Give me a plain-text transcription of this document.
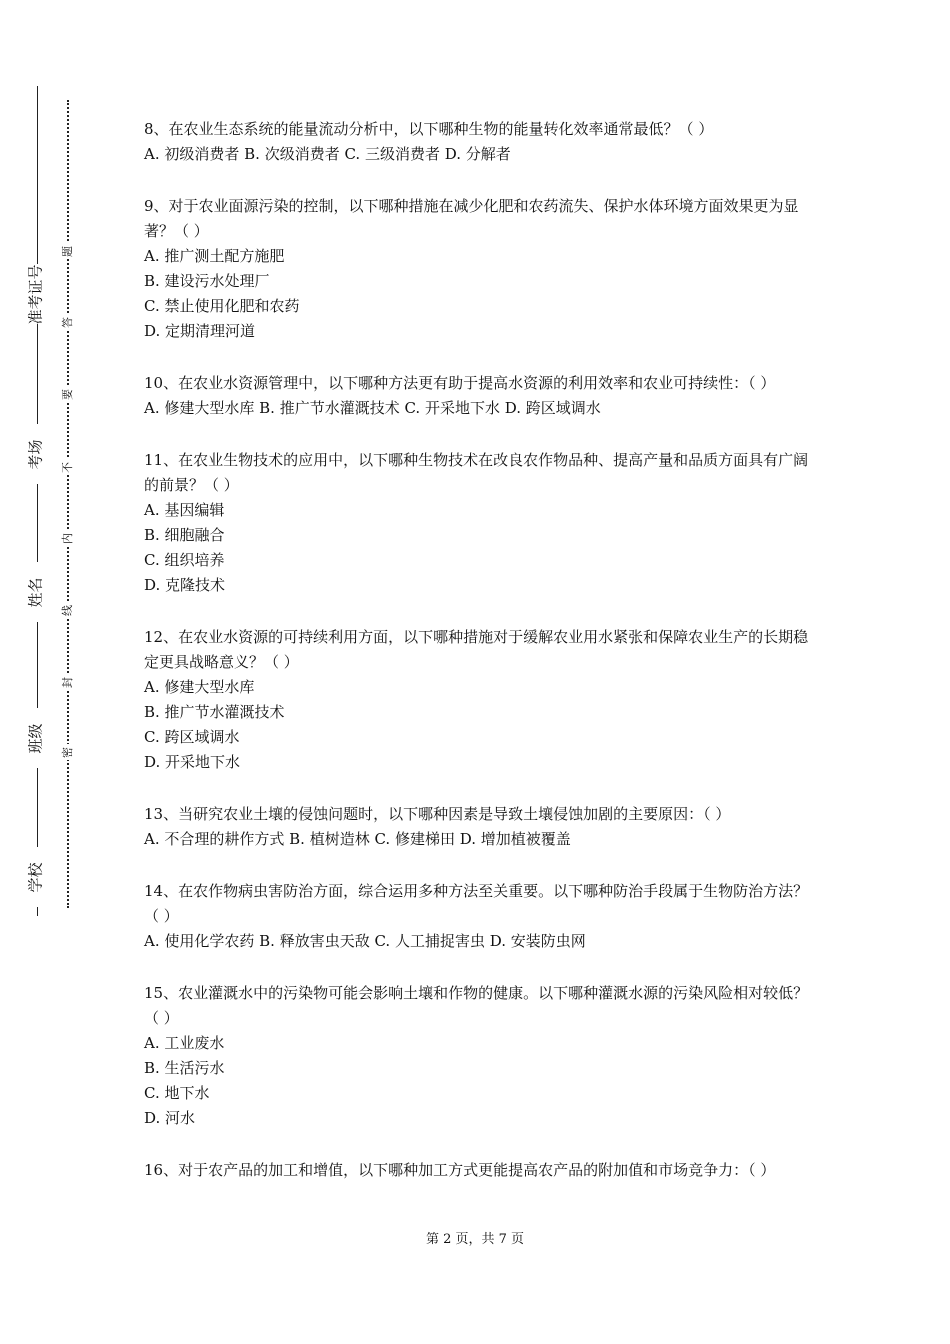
学校
班级
姓名
考场
准考证号
密
封
线
内
不
要
答
题

8、在农业生态系统的能量流动分析中，以下哪种生物的能量转化效率通常最低？（ ）

A. 初级消费者 B. 次级消费者 C. 三级消费者 D. 分解者

9、对于农业面源污染的控制，以下哪种措施在减少化肥和农药流失、保护水体环境方面效果更为显著？（ ）

A. 推广测土配方施肥

B. 建设污水处理厂

C. 禁止使用化肥和农药

D. 定期清理河道

10、在农业水资源管理中，以下哪种方法更有助于提高水资源的利用效率和农业可持续性：（ ）

A. 修建大型水库 B. 推广节水灌溉技术 C. 开采地下水 D. 跨区域调水

11、在农业生物技术的应用中，以下哪种生物技术在改良农作物品种、提高产量和品质方面具有广阔的前景？（ ）

A. 基因编辑

B. 细胞融合

C. 组织培养

D. 克隆技术

12、在农业水资源的可持续利用方面，以下哪种措施对于缓解农业用水紧张和保障农业生产的长期稳定更具战略意义？（ ）

A. 修建大型水库

B. 推广节水灌溉技术

C. 跨区域调水

D. 开采地下水

13、当研究农业土壤的侵蚀问题时，以下哪种因素是导致土壤侵蚀加剧的主要原因：（ ）

A. 不合理的耕作方式 B. 植树造林 C. 修建梯田 D. 增加植被覆盖

14、在农作物病虫害防治方面，综合运用多种方法至关重要。以下哪种防治手段属于生物防治方法？（ ）

A. 使用化学农药 B. 释放害虫天敌 C. 人工捕捉害虫 D. 安装防虫网

15、农业灌溉水中的污染物可能会影响土壤和作物的健康。以下哪种灌溉水源的污染风险相对较低？（ ）

A. 工业废水

B. 生活污水

C. 地下水

D. 河水

16、对于农产品的加工和增值，以下哪种加工方式更能提高农产品的附加值和市场竞争力：（ ）

第 2 页，共 7 页
